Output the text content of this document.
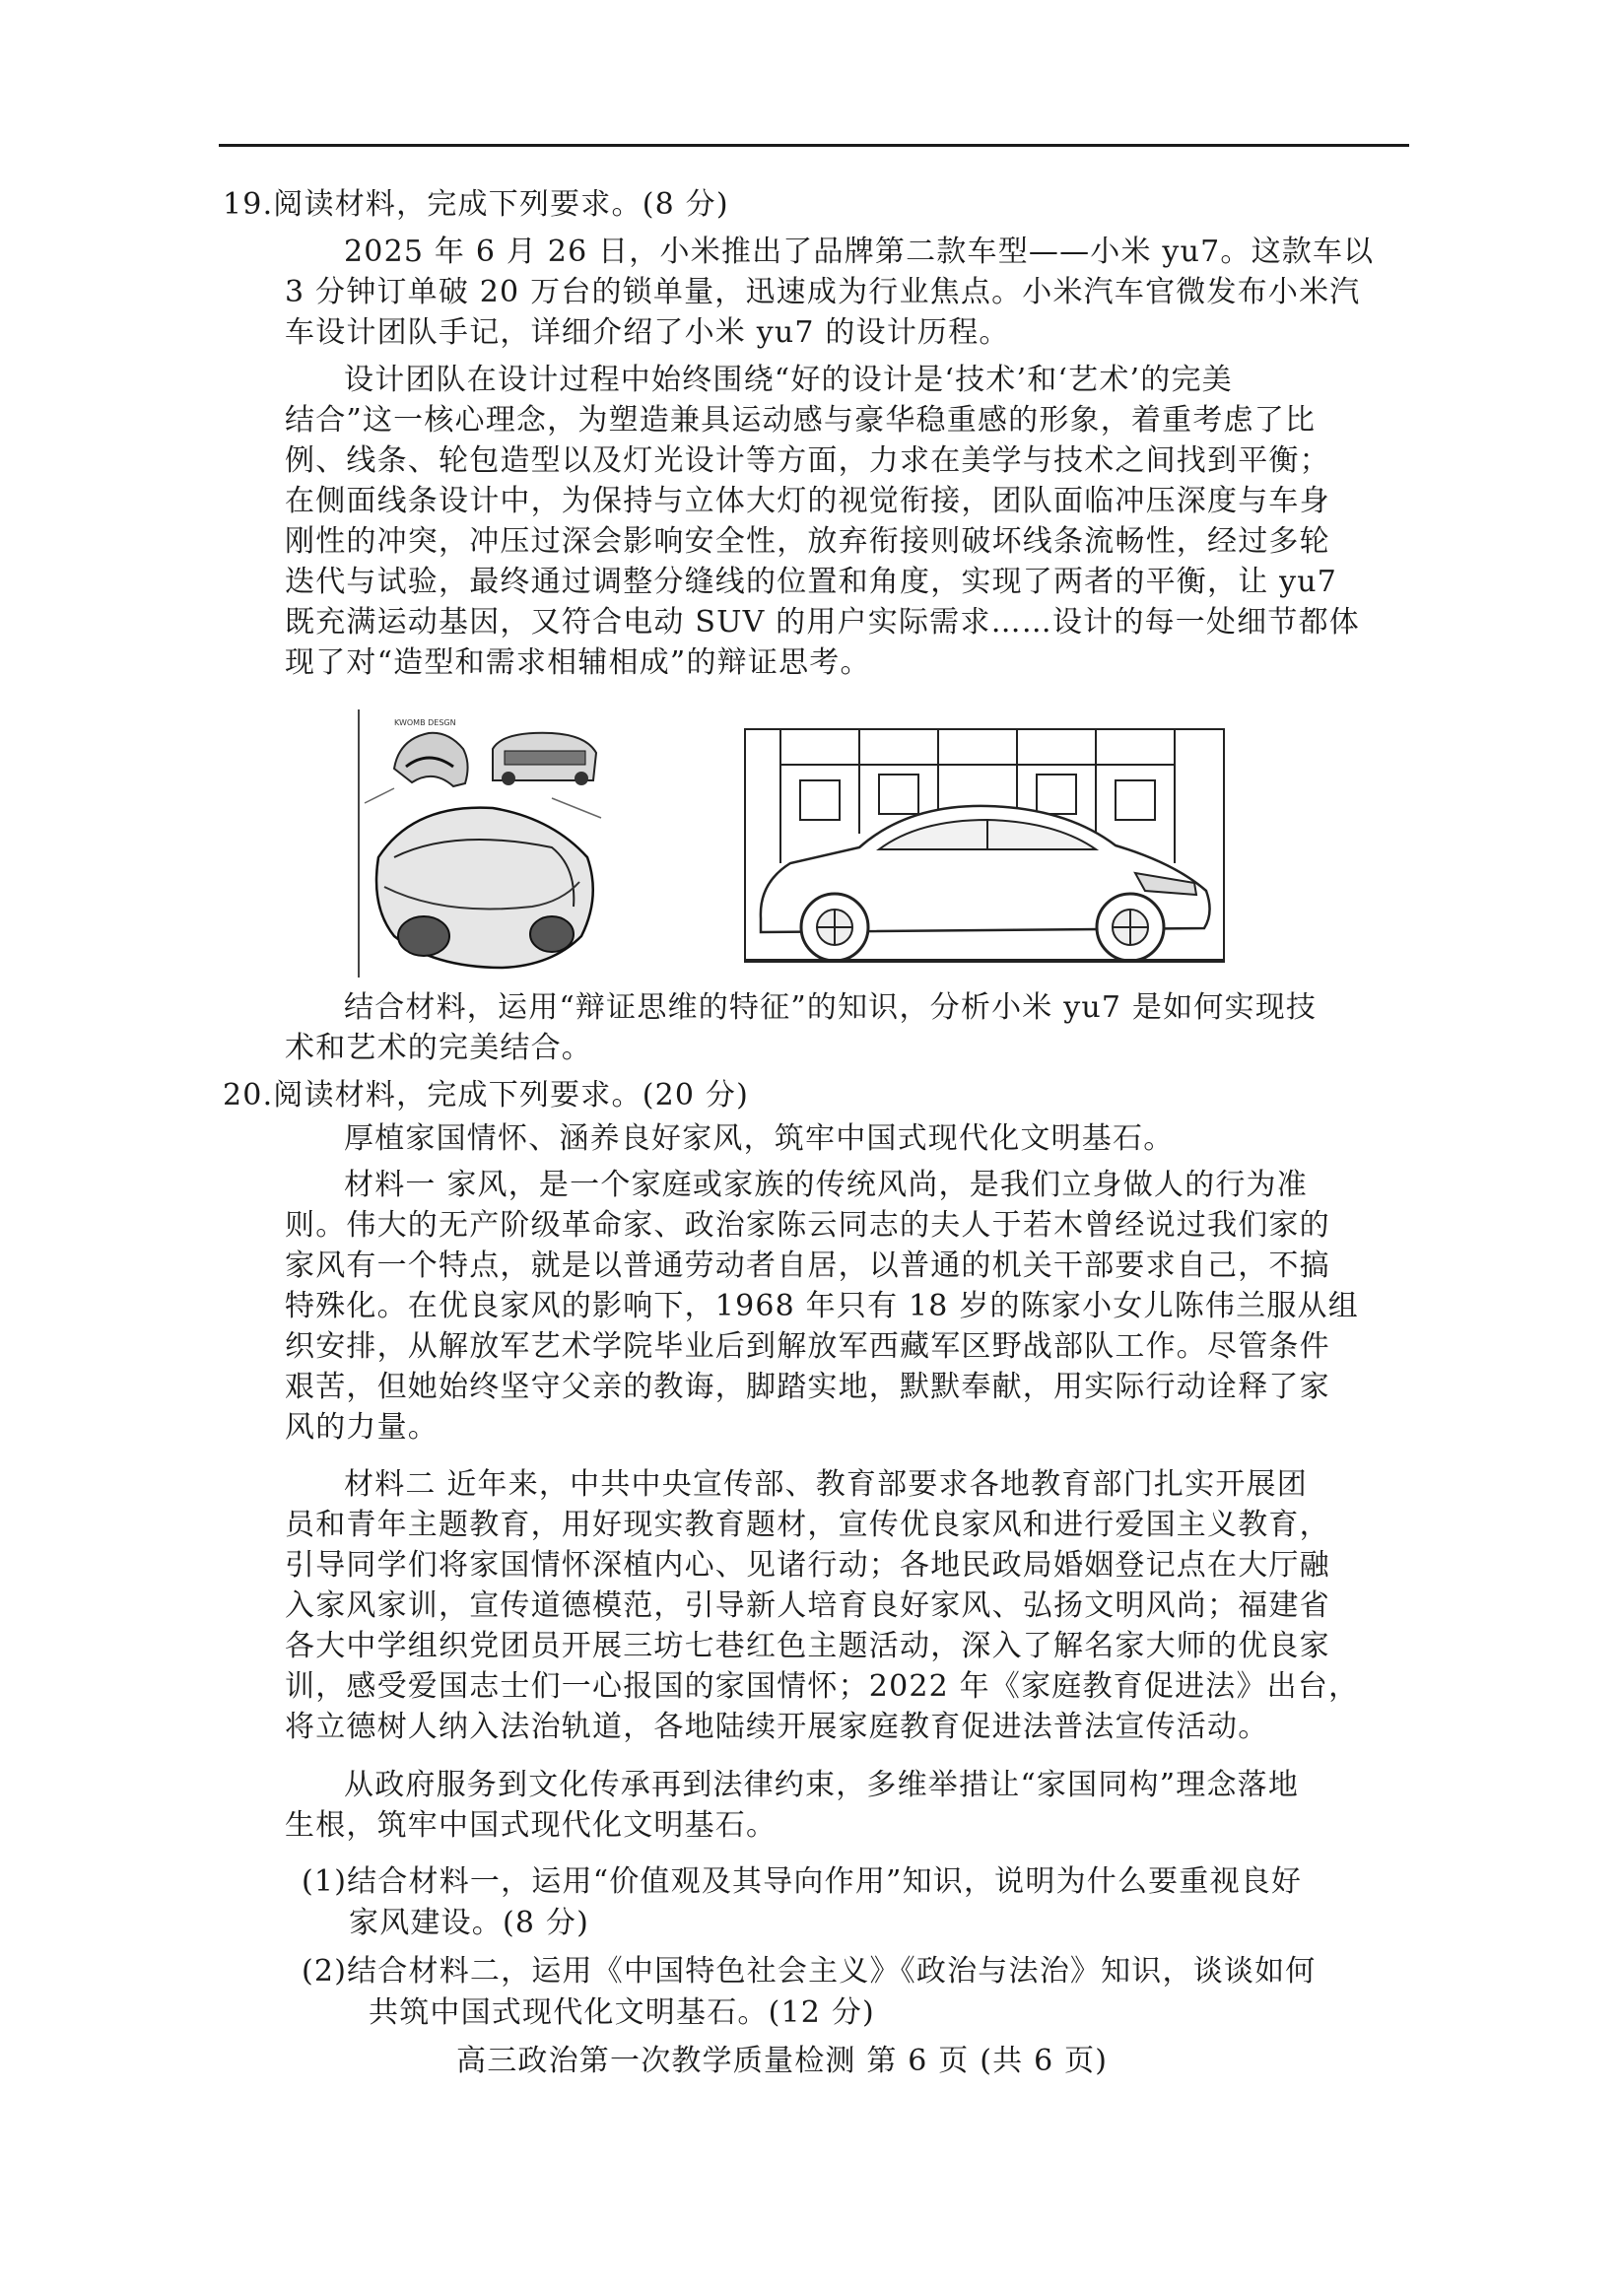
19.阅读材料，完成下列要求。(8 分)
2025 年 6 月 26 日，小米推出了品牌第二款车型——小米 yu7。这款车以
3 分钟订单破 20 万台的锁单量，迅速成为行业焦点。小米汽车官微发布小米汽
车设计团队手记，详细介绍了小米 yu7 的设计历程。
设计团队在设计过程中始终围绕“好的设计是‘技术’和‘艺术’的完美
结合”这一核心理念，为塑造兼具运动感与豪华稳重感的形象，着重考虑了比
例、线条、轮包造型以及灯光设计等方面，力求在美学与技术之间找到平衡；
在侧面线条设计中，为保持与立体大灯的视觉衔接，团队面临冲压深度与车身
刚性的冲突，冲压过深会影响安全性，放弃衔接则破坏线条流畅性，经过多轮
迭代与试验，最终通过调整分缝线的位置和角度，实现了两者的平衡，让 yu7
既充满运动基因，又符合电动 SUV 的用户实际需求……设计的每一处细节都体
现了对“造型和需求相辅相成”的辩证思考。
KWOMB DESGN
结合材料，运用“辩证思维的特征”的知识，分析小米 yu7 是如何实现技
术和艺术的完美结合。
20.阅读材料，完成下列要求。(20 分)
厚植家国情怀、涵养良好家风，筑牢中国式现代化文明基石。
材料一 家风，是一个家庭或家族的传统风尚，是我们立身做人的行为准
则。伟大的无产阶级革命家、政治家陈云同志的夫人于若木曾经说过我们家的
家风有一个特点，就是以普通劳动者自居，以普通的机关干部要求自己，不搞
特殊化。在优良家风的影响下，1968 年只有 18 岁的陈家小女儿陈伟兰服从组
织安排，从解放军艺术学院毕业后到解放军西藏军区野战部队工作。尽管条件
艰苦，但她始终坚守父亲的教诲，脚踏实地，默默奉献，用实际行动诠释了家
风的力量。
材料二 近年来，中共中央宣传部、教育部要求各地教育部门扎实开展团
员和青年主题教育，用好现实教育题材，宣传优良家风和进行爱国主义教育，
引导同学们将家国情怀深植内心、见诸行动；各地民政局婚姻登记点在大厅融
入家风家训，宣传道德模范，引导新人培育良好家风、弘扬文明风尚；福建省
各大中学组织党团员开展三坊七巷红色主题活动，深入了解名家大师的优良家
训，感受爱国志士们一心报国的家国情怀；2022 年《家庭教育促进法》出台，
将立德树人纳入法治轨道，各地陆续开展家庭教育促进法普法宣传活动。
从政府服务到文化传承再到法律约束，多维举措让“家国同构”理念落地
生根，筑牢中国式现代化文明基石。
(1)结合材料一，运用“价值观及其导向作用”知识，说明为什么要重视良好
家风建设。(8 分)
(2)结合材料二，运用《中国特色社会主义》《政治与法治》知识，谈谈如何
共筑中国式现代化文明基石。(12 分)
高三政治第一次教学质量检测 第 6 页 (共 6 页)
